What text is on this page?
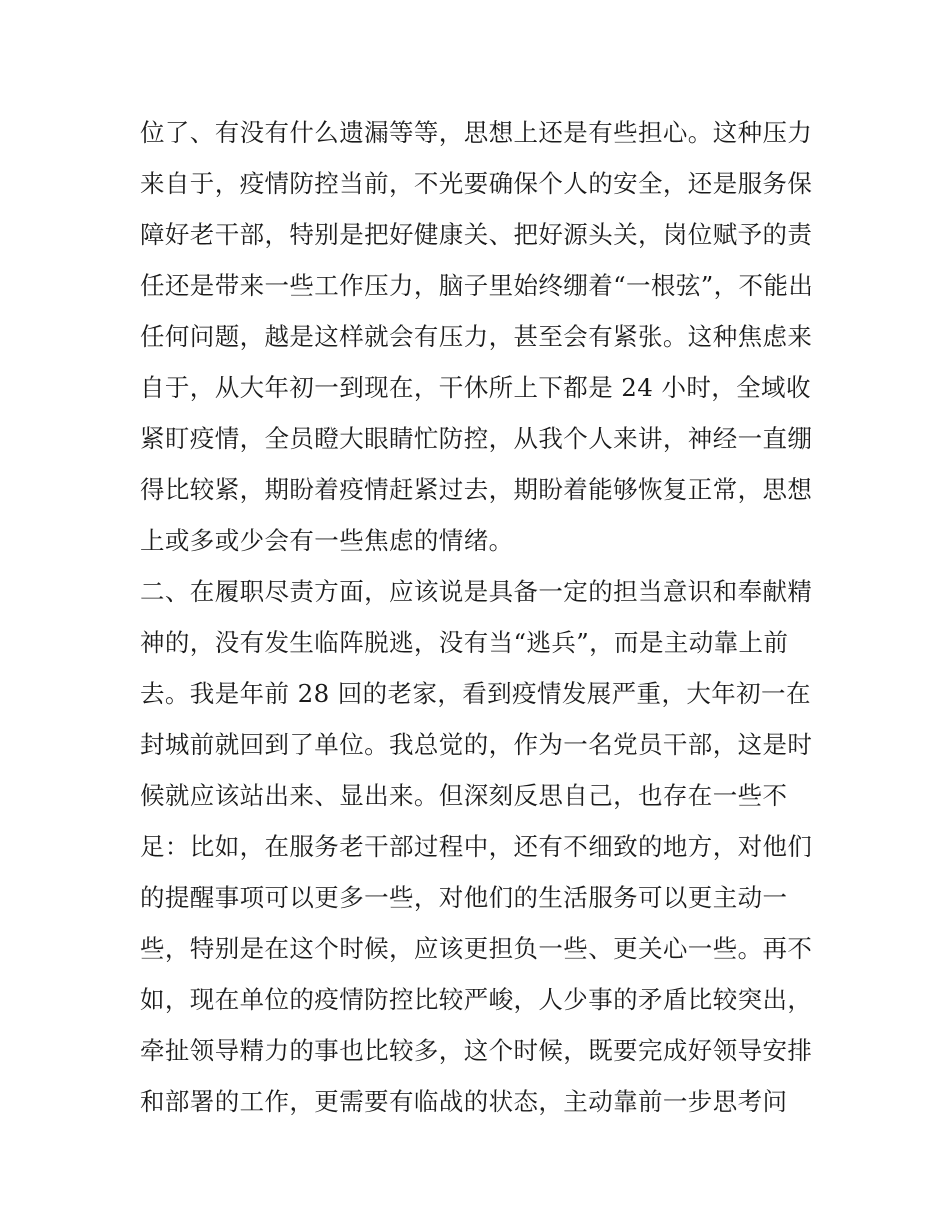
位了、有没有什么遗漏等等，思想上还是有些担心。这种压力
来自于，疫情防控当前，不光要确保个人的安全，还是服务保
障好老干部，特别是把好健康关、把好源头关，岗位赋予的责
任还是带来一些工作压力，脑子里始终绷着“一根弦”，不能出
任何问题，越是这样就会有压力，甚至会有紧张。这种焦虑来
自于，从大年初一到现在，干休所上下都是 24 小时，全域收
紧盯疫情，全员瞪大眼睛忙防控，从我个人来讲，神经一直绷
得比较紧，期盼着疫情赶紧过去，期盼着能够恢复正常，思想
上或多或少会有一些焦虑的情绪。
二、在履职尽责方面，应该说是具备一定的担当意识和奉献精
神的，没有发生临阵脱逃，没有当“逃兵”，而是主动靠上前
去。我是年前 28 回的老家，看到疫情发展严重，大年初一在
封城前就回到了单位。我总觉的，作为一名党员干部，这是时
候就应该站出来、显出来。但深刻反思自己，也存在一些不
足：比如，在服务老干部过程中，还有不细致的地方，对他们
的提醒事项可以更多一些，对他们的生活服务可以更主动一
些，特别是在这个时候，应该更担负一些、更关心一些。再不
如，现在单位的疫情防控比较严峻，人少事的矛盾比较突出，
牵扯领导精力的事也比较多，这个时候，既要完成好领导安排
和部署的工作，更需要有临战的状态，主动靠前一步思考问
